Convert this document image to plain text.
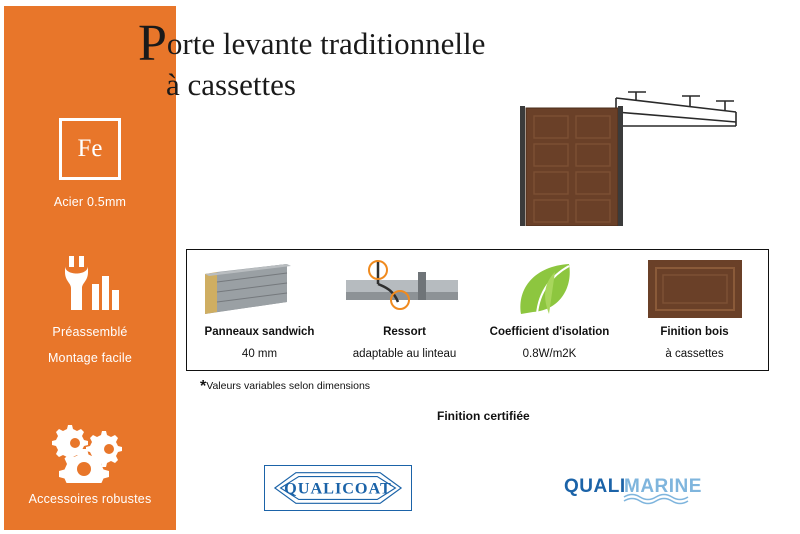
Fe
Acier 0.5mm
Préassemblé
Montage facile
Accessoires robustes
Porte levante traditionnelle
à cassettes
Panneaux sandwich
40 mm
Ressort
adaptable au linteau
Coefficient d'isolation
0.8W/m2K
Finition bois
à cassettes
*Valeurs variables selon dimensions
Finition certifiée
QUALICOAT	QUALI
MARINE
